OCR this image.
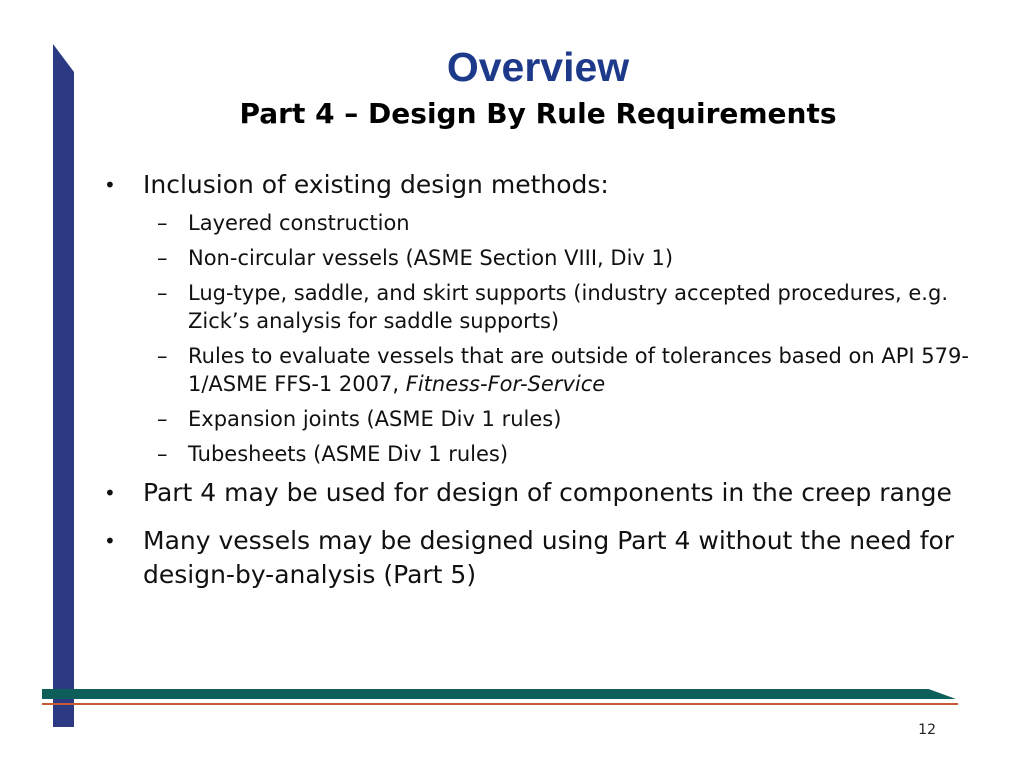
Overview
Part 4 – Design By Rule Requirements
• Inclusion of existing design methods:
– Layered construction
– Non-circular vessels (ASME Section VIII, Div 1)
– Lug-type, saddle, and skirt supports (industry accepted procedures, e.g. Zick’s analysis for saddle supports)
– Rules to evaluate vessels that are outside of tolerances based on API 579-1/ASME FFS-1 2007, Fitness-For-Service
– Expansion joints (ASME Div 1 rules)
– Tubesheets (ASME Div 1 rules)
• Part 4 may be used for design of components in the creep range
• Many vessels may be designed using Part 4 without the need for design-by-analysis (Part 5)
12
